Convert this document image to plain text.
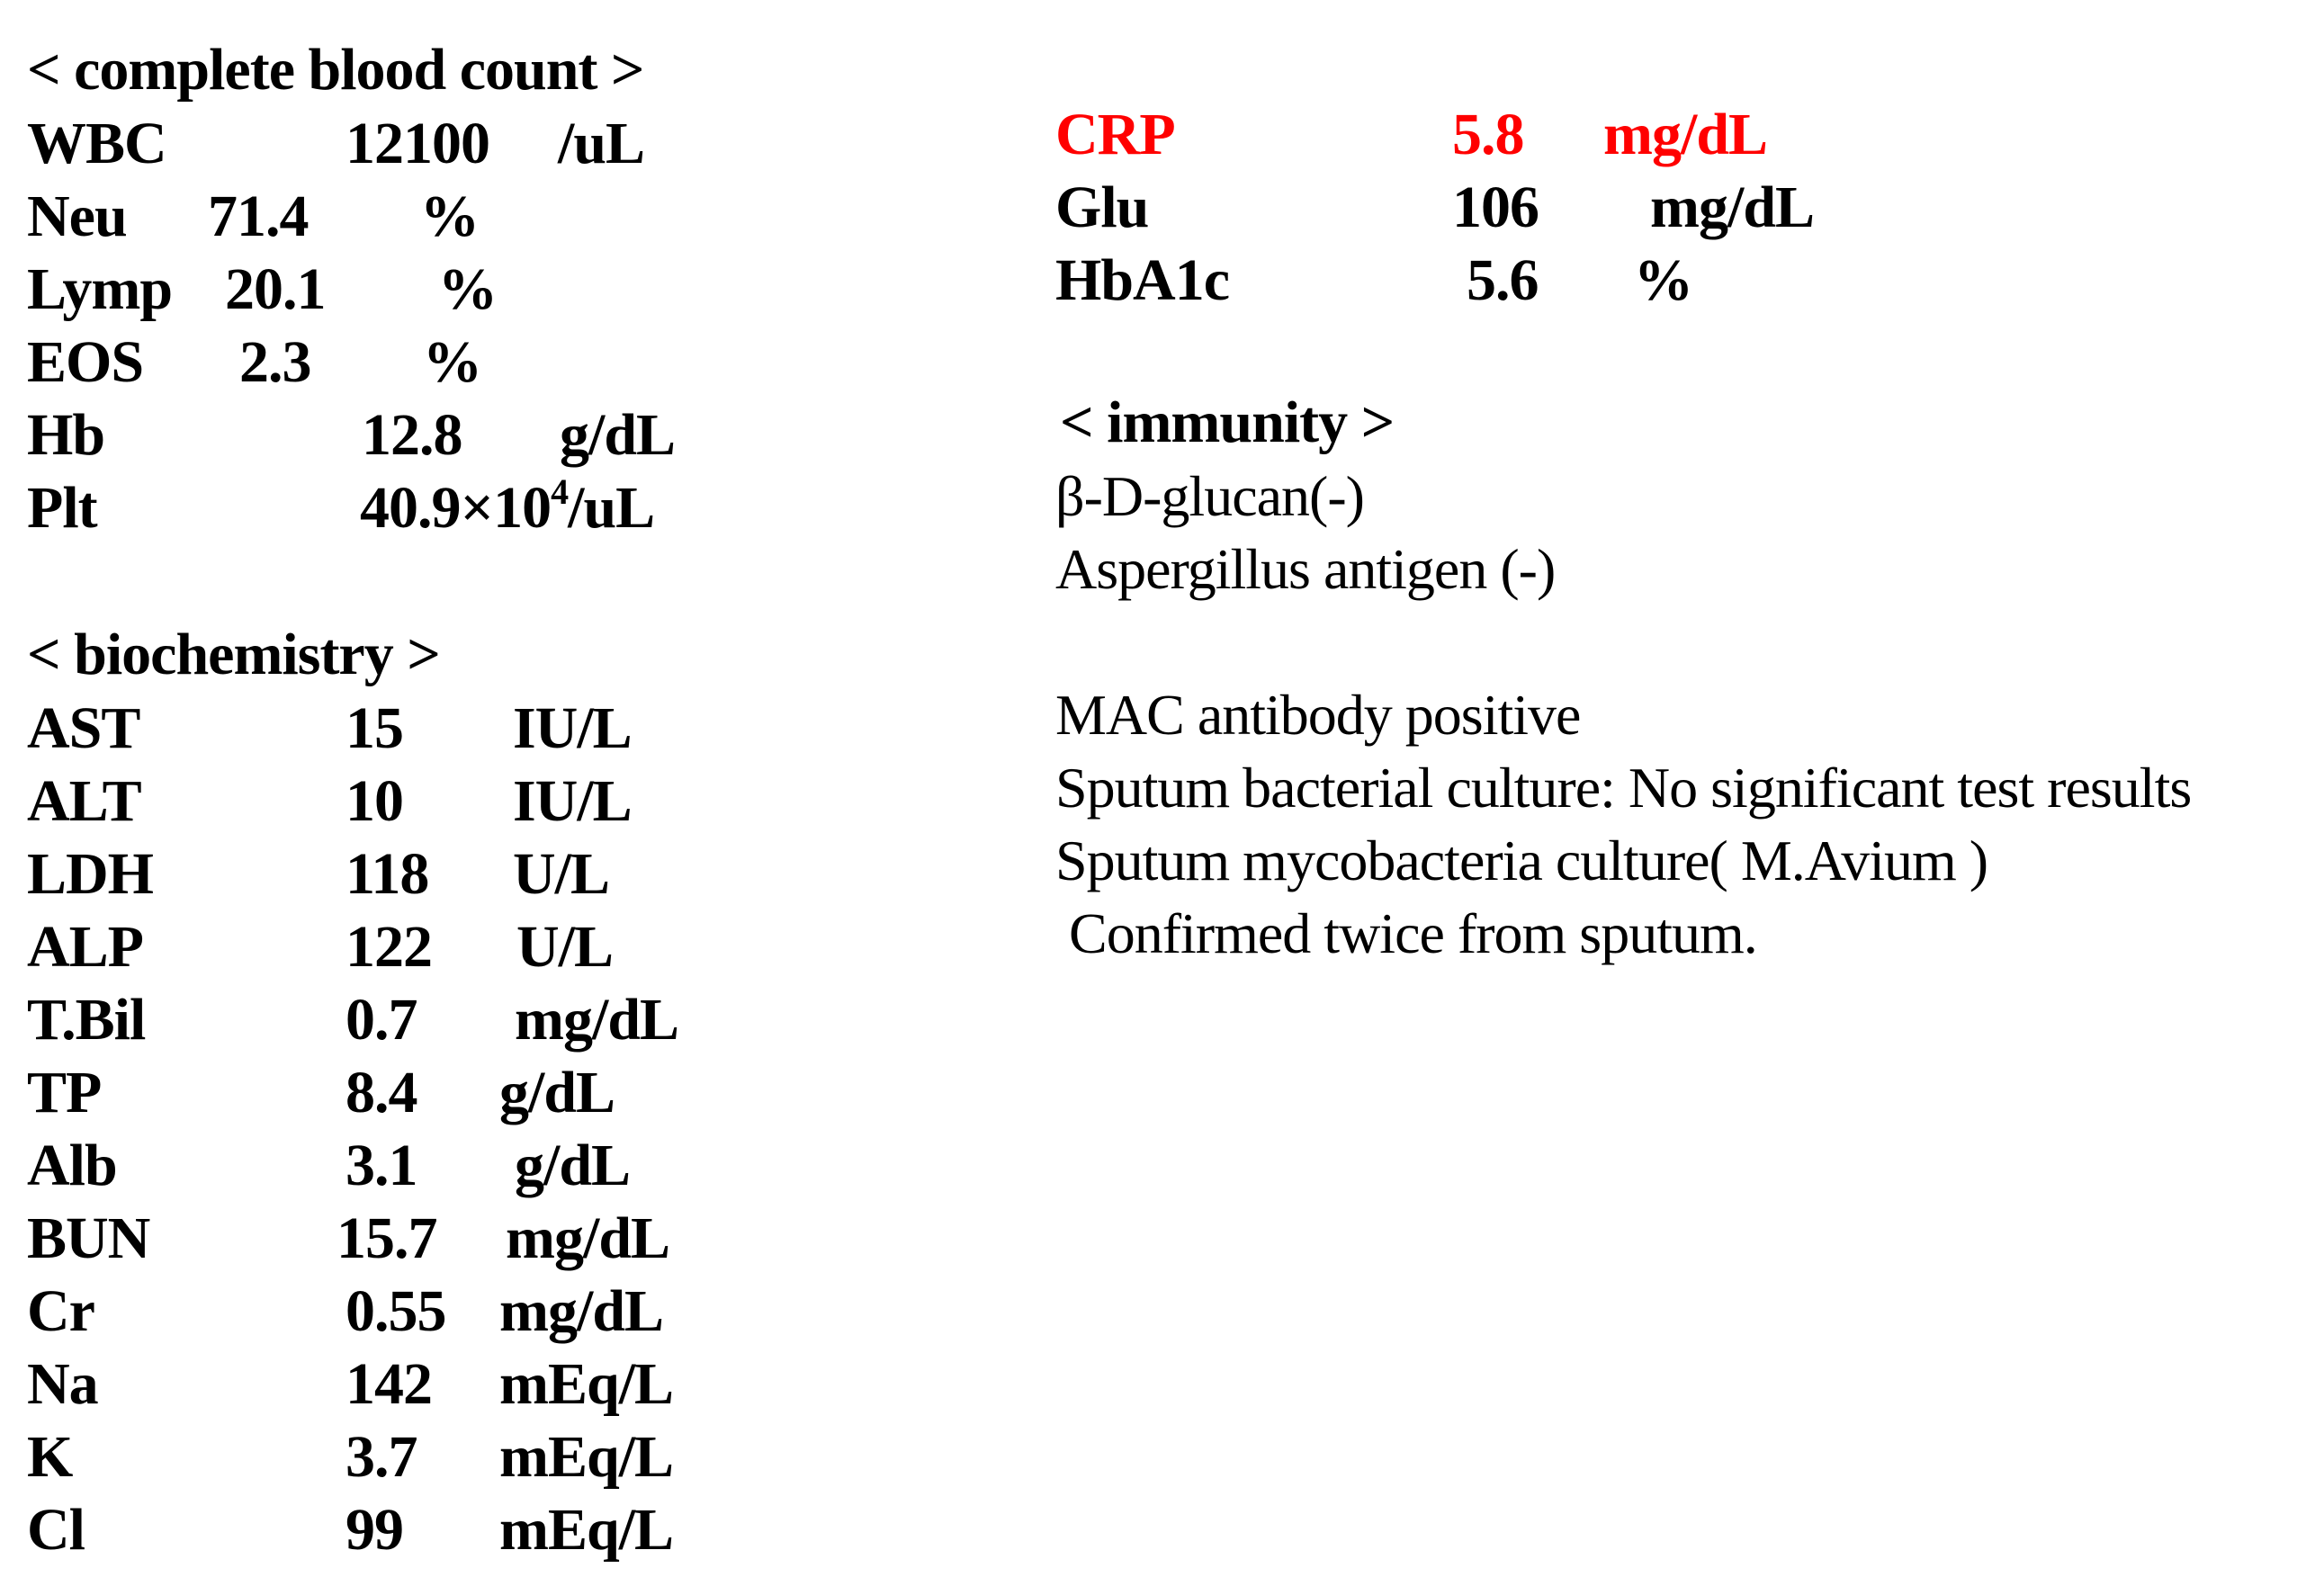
< complete blood count >
WBC	12100 /uL
Neu 71.4 %
Lymp 20.1 %
EOS 2.3 %
Hb	12.8 g/dL
Plt	$40.9\times 10^4/uL$
< biochemistry >
AST	15 IU/L
ALT	10 IU/L
LDH	118 U/L
ALP	122 U/L
T.Bil	0.7 mg/dL
TP	8.4 g/dL
Alb	3.1 g/dL
BUN	15.7 mg/dL
Cr	0.55 mg/dL
Na	142 mEq/L
K	3.7 mEq/L
Cl	99 mEq/L
CRP	5.8 mg/dL
Glu	106 mg/dL
HbA1c	5.6 %
< immunity >
β-D-glucan(-)
Aspergillus antigen (-)
MAC antibody positive
Sputum bacterial culture: No significant test results
Sputum mycobacteria culture( M.Avium )
Confirmed twice from sputum.
